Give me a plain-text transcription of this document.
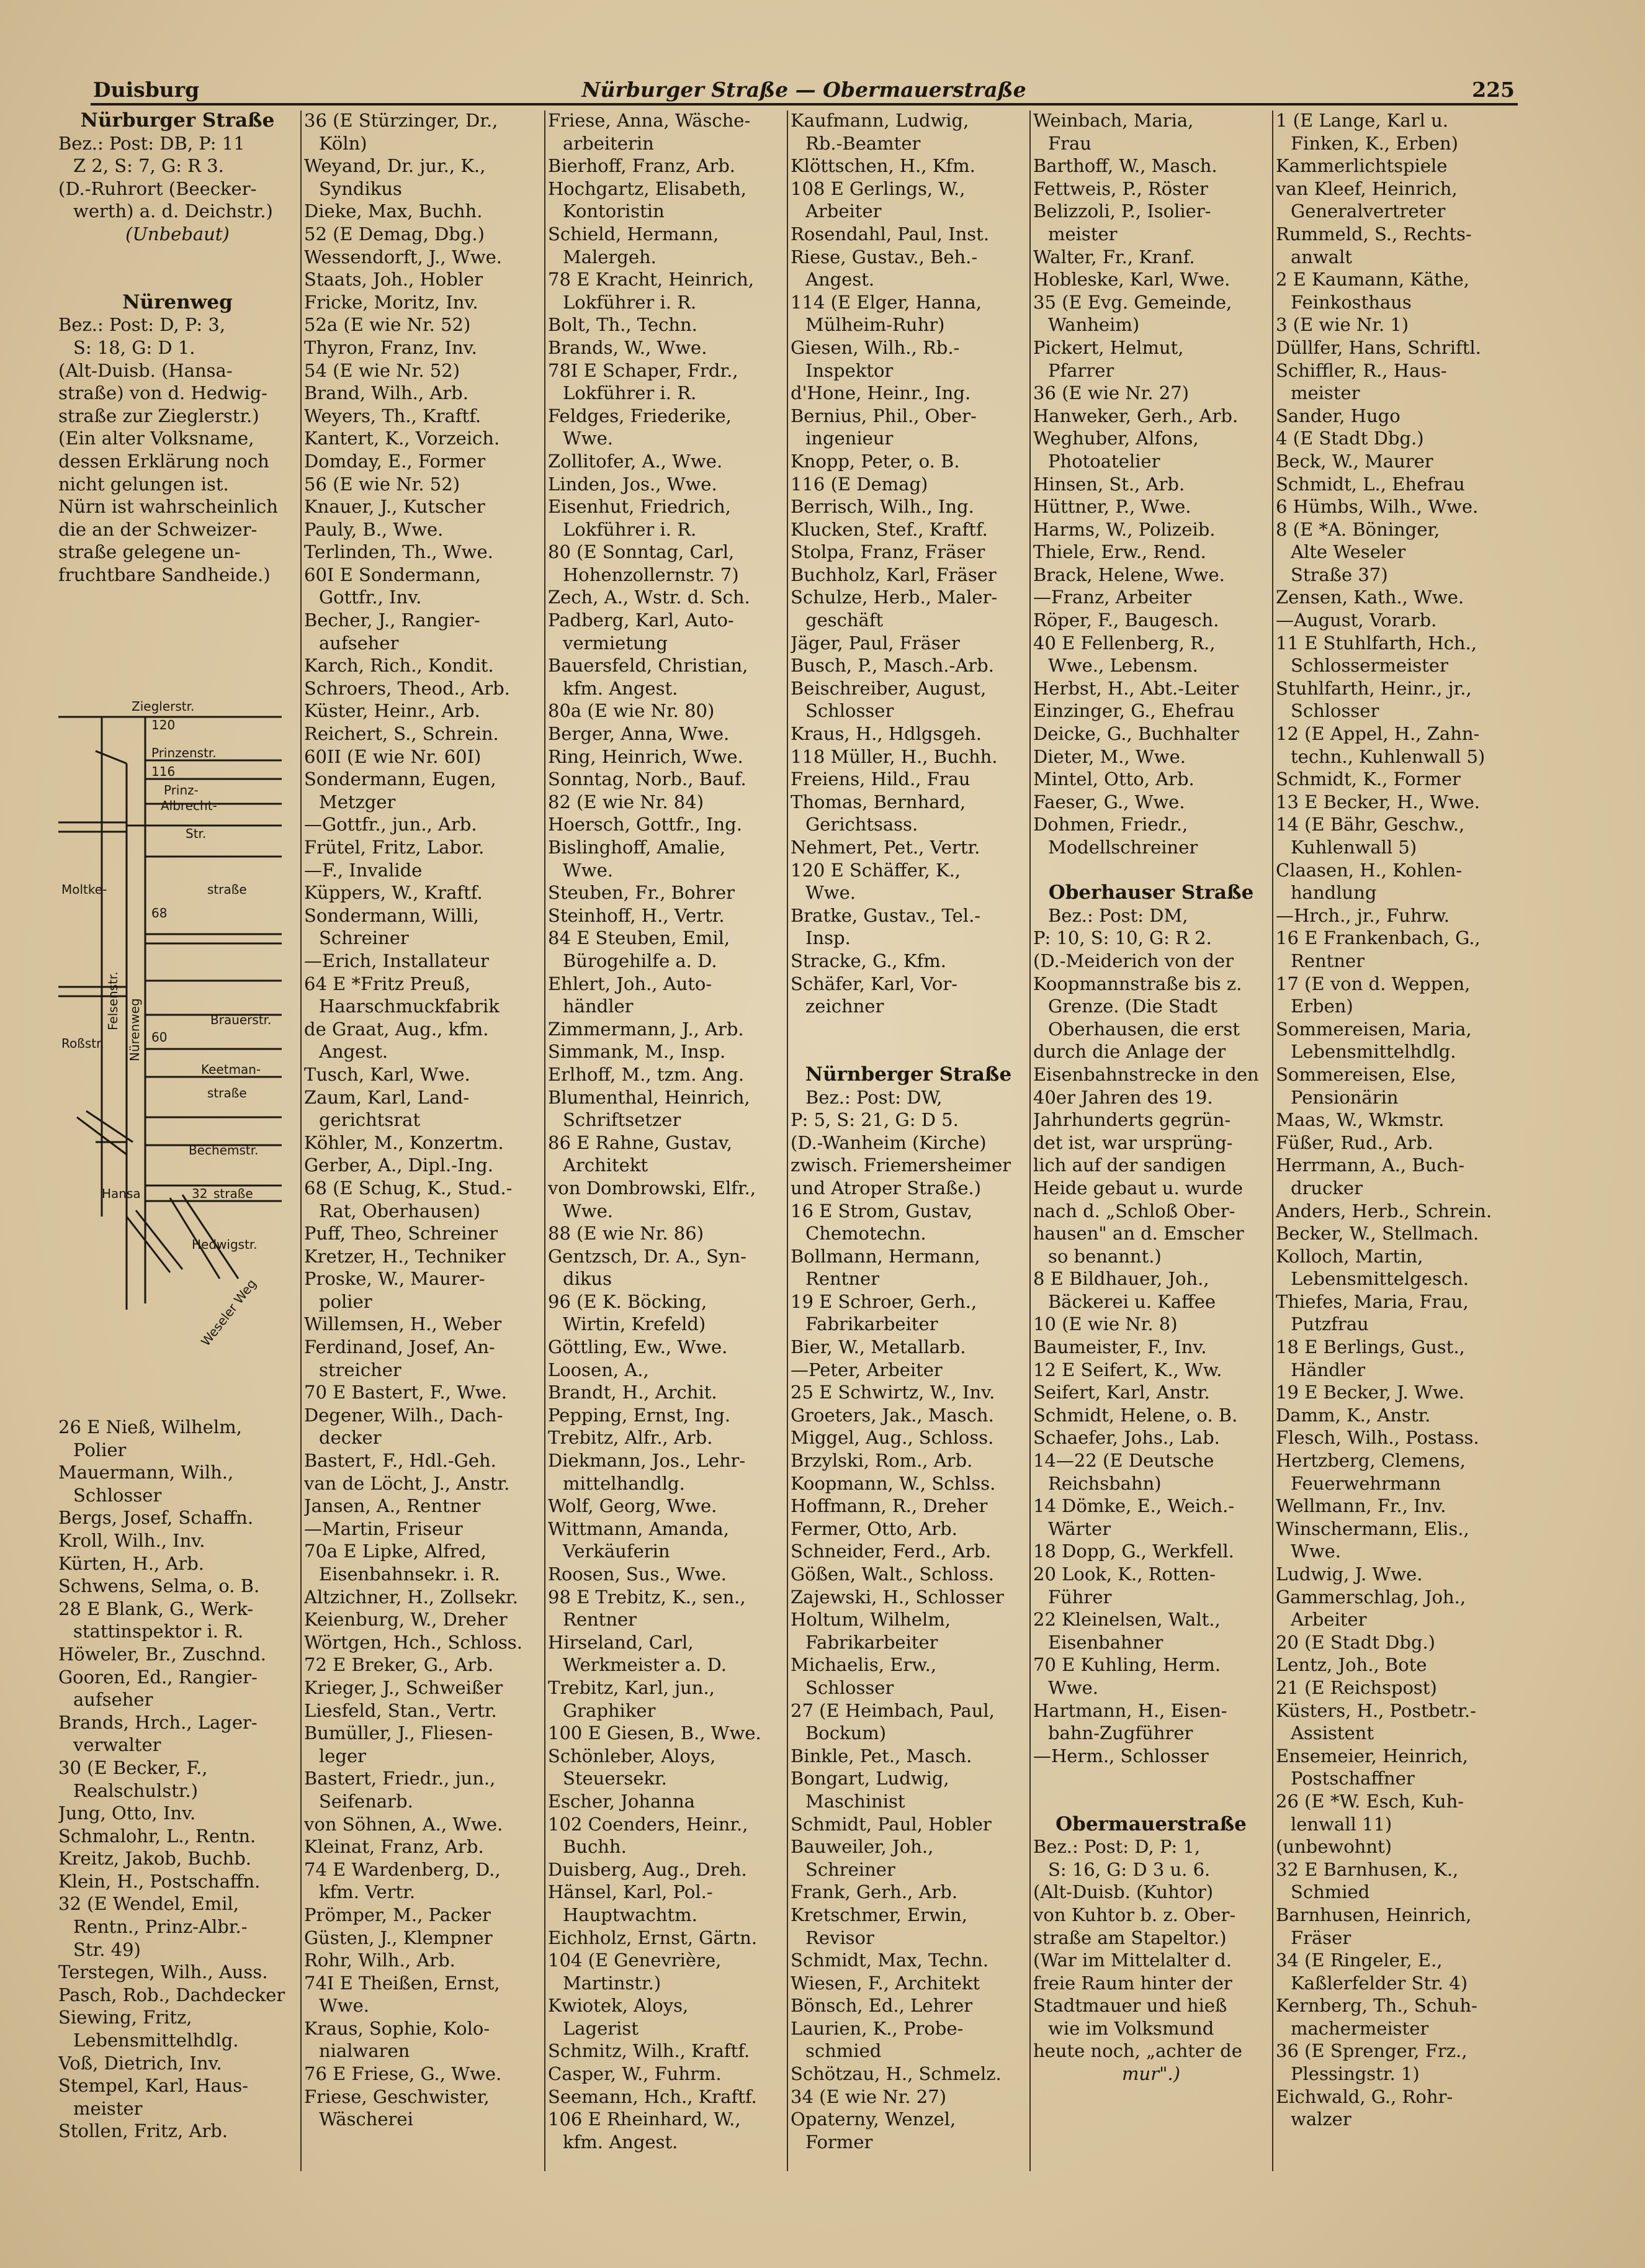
Duisburg	Nürburger Straße — Obermauerstraße	225
Nürburger Straße
Bez.: Post: DB, P: 11
Z 2, S: 7, G: R 3.
(D.-Ruhrort (Beecker-
werth) a. d. Deichstr.)
(Unbebaut)
Nürenweg
Bez.: Post: D, P: 3,
S: 18, G: D 1.
(Alt-Duisb. (Hansa-
straße) von d. Hedwig-
straße zur Zieglerstr.)
(Ein alter Volksname,
dessen Erklärung noch
nicht gelungen ist.
Nürn ist wahrscheinlich
die an der Schweizer-
straße gelegene un-
fruchtbare Sandheide.)
26 E Nieß, Wilhelm,
Polier
Mauermann, Wilh.,
Schlosser
Bergs, Josef, Schaffn.
Kroll, Wilh., Inv.
Kürten, H., Arb.
Schwens, Selma, o. B.
28 E Blank, G., Werk-
stattinspektor i. R.
Höweler, Br., Zuschnd.
Gooren, Ed., Rangier-
aufseher
Brands, Hrch., Lager-
verwalter
30 (E Becker, F.,
Realschulstr.)
Jung, Otto, Inv.
Schmalohr, L., Rentn.
Kreitz, Jakob, Buchb.
Klein, H., Postschaffn.
32 (E Wendel, Emil,
Rentn., Prinz-Albr.-
Str. 49)
Terstegen, Wilh., Auss.
Pasch, Rob., Dachdecker
Siewing, Fritz,
Lebensmittelhdlg.
Voß, Dietrich, Inv.
Stempel, Karl, Haus-
meister
Stollen, Fritz, Arb.
36 (E Stürzinger, Dr.,
Köln)
Weyand, Dr. jur., K.,
Syndikus
Dieke, Max, Buchh.
52 (E Demag, Dbg.)
Wessendorft, J., Wwe.
Staats, Joh., Hobler
Fricke, Moritz, Inv.
52a (E wie Nr. 52)
Thyron, Franz, Inv.
54 (E wie Nr. 52)
Brand, Wilh., Arb.
Weyers, Th., Kraftf.
Kantert, K., Vorzeich.
Domday, E., Former
56 (E wie Nr. 52)
Knauer, J., Kutscher
Pauly, B., Wwe.
Terlinden, Th., Wwe.
60I E Sondermann,
Gottfr., Inv.
Becher, J., Rangier-
aufseher
Karch, Rich., Kondit.
Schroers, Theod., Arb.
Küster, Heinr., Arb.
Reichert, S., Schrein.
60II (E wie Nr. 60I)
Sondermann, Eugen,
Metzger
—Gottfr., jun., Arb.
Frütel, Fritz, Labor.
—F., Invalide
Küppers, W., Kraftf.
Sondermann, Willi,
Schreiner
—Erich, Installateur
64 E *Fritz Preuß,
Haarschmuckfabrik
de Graat, Aug., kfm.
Angest.
Tusch, Karl, Wwe.
Zaum, Karl, Land-
gerichtsrat
Köhler, M., Konzertm.
Gerber, A., Dipl.-Ing.
68 (E Schug, K., Stud.-
Rat, Oberhausen)
Puff, Theo, Schreiner
Kretzer, H., Techniker
Proske, W., Maurer-
polier
Willemsen, H., Weber
Ferdinand, Josef, An-
streicher
70 E Bastert, F., Wwe.
Degener, Wilh., Dach-
decker
Bastert, F., Hdl.-Geh.
van de Löcht, J., Anstr.
Jansen, A., Rentner
—Martin, Friseur
70a E Lipke, Alfred,
Eisenbahnsekr. i. R.
Altzichner, H., Zollsekr.
Keienburg, W., Dreher
Wörtgen, Hch., Schloss.
72 E Breker, G., Arb.
Krieger, J., Schweißer
Liesfeld, Stan., Vertr.
Bumüller, J., Fliesen-
leger
Bastert, Friedr., jun.,
Seifenarb.
von Söhnen, A., Wwe.
Kleinat, Franz, Arb.
74 E Wardenberg, D.,
kfm. Vertr.
Prömper, M., Packer
Güsten, J., Klempner
Rohr, Wilh., Arb.
74I E Theißen, Ernst,
Wwe.
Kraus, Sophie, Kolo-
nialwaren
76 E Friese, G., Wwe.
Friese, Geschwister,
Wäscherei
Friese, Anna, Wäsche-
arbeiterin
Bierhoff, Franz, Arb.
Hochgartz, Elisabeth,
Kontoristin
Schield, Hermann,
Malergeh.
78 E Kracht, Heinrich,
Lokführer i. R.
Bolt, Th., Techn.
Brands, W., Wwe.
78I E Schaper, Frdr.,
Lokführer i. R.
Feldges, Friederike,
Wwe.
Zollitofer, A., Wwe.
Linden, Jos., Wwe.
Eisenhut, Friedrich,
Lokführer i. R.
80 (E Sonntag, Carl,
Hohenzollernstr. 7)
Zech, A., Wstr. d. Sch.
Padberg, Karl, Auto-
vermietung
Bauersfeld, Christian,
kfm. Angest.
80a (E wie Nr. 80)
Berger, Anna, Wwe.
Ring, Heinrich, Wwe.
Sonntag, Norb., Bauf.
82 (E wie Nr. 84)
Hoersch, Gottfr., Ing.
Bislinghoff, Amalie,
Wwe.
Steuben, Fr., Bohrer
Steinhoff, H., Vertr.
84 E Steuben, Emil,
Bürogehilfe a. D.
Ehlert, Joh., Auto-
händler
Zimmermann, J., Arb.
Simmank, M., Insp.
Erlhoff, M., tzm. Ang.
Blumenthal, Heinrich,
Schriftsetzer
86 E Rahne, Gustav,
Architekt
von Dombrowski, Elfr.,
Wwe.
88 (E wie Nr. 86)
Gentzsch, Dr. A., Syn-
dikus
96 (E K. Böcking,
Wirtin, Krefeld)
Göttling, Ew., Wwe.
Loosen, A.,
Brandt, H., Archit.
Pepping, Ernst, Ing.
Trebitz, Alfr., Arb.
Diekmann, Jos., Lehr-
mittelhandlg.
Wolf, Georg, Wwe.
Wittmann, Amanda,
Verkäuferin
Roosen, Sus., Wwe.
98 E Trebitz, K., sen.,
Rentner
Hirseland, Carl,
Werkmeister a. D.
Trebitz, Karl, jun.,
Graphiker
100 E Giesen, B., Wwe.
Schönleber, Aloys,
Steuersekr.
Escher, Johanna
102 Coenders, Heinr.,
Buchh.
Duisberg, Aug., Dreh.
Hänsel, Karl, Pol.-
Hauptwachtm.
Eichholz, Ernst, Gärtn.
104 (E Genevrière,
Martinstr.)
Kwiotek, Aloys,
Lagerist
Schmitz, Wilh., Kraftf.
Casper, W., Fuhrm.
Seemann, Hch., Kraftf.
106 E Rheinhard, W.,
kfm. Angest.
Kaufmann, Ludwig,
Rb.-Beamter
Klöttschen, H., Kfm.
108 E Gerlings, W.,
Arbeiter
Rosendahl, Paul, Inst.
Riese, Gustav., Beh.-
Angest.
114 (E Elger, Hanna,
Mülheim-Ruhr)
Giesen, Wilh., Rb.-
Inspektor
d'Hone, Heinr., Ing.
Bernius, Phil., Ober-
ingenieur
Knopp, Peter, o. B.
116 (E Demag)
Berrisch, Wilh., Ing.
Klucken, Stef., Kraftf.
Stolpa, Franz, Fräser
Buchholz, Karl, Fräser
Schulze, Herb., Maler-
geschäft
Jäger, Paul, Fräser
Busch, P., Masch.-Arb.
Beischreiber, August,
Schlosser
Kraus, H., Hdlgsgeh.
118 Müller, H., Buchh.
Freiens, Hild., Frau
Thomas, Bernhard,
Gerichtsass.
Nehmert, Pet., Vertr.
120 E Schäffer, K.,
Wwe.
Bratke, Gustav., Tel.-
Insp.
Stracke, G., Kfm.
Schäfer, Karl, Vor-
zeichner
Nürnberger Straße
Bez.: Post: DW,
P: 5, S: 21, G: D 5.
(D.-Wanheim (Kirche)
zwisch. Friemersheimer
und Atroper Straße.)
16 E Strom, Gustav,
Chemotechn.
Bollmann, Hermann,
Rentner
19 E Schroer, Gerh.,
Fabrikarbeiter
Bier, W., Metallarb.
—Peter, Arbeiter
25 E Schwirtz, W., Inv.
Groeters, Jak., Masch.
Miggel, Aug., Schloss.
Brzylski, Rom., Arb.
Koopmann, W., Schlss.
Hoffmann, R., Dreher
Fermer, Otto, Arb.
Schneider, Ferd., Arb.
Gößen, Walt., Schloss.
Zajewski, H., Schlosser
Holtum, Wilhelm,
Fabrikarbeiter
Michaelis, Erw.,
Schlosser
27 (E Heimbach, Paul,
Bockum)
Binkle, Pet., Masch.
Bongart, Ludwig,
Maschinist
Schmidt, Paul, Hobler
Bauweiler, Joh.,
Schreiner
Frank, Gerh., Arb.
Kretschmer, Erwin,
Revisor
Schmidt, Max, Techn.
Wiesen, F., Architekt
Bönsch, Ed., Lehrer
Laurien, K., Probe-
schmied
Schötzau, H., Schmelz.
34 (E wie Nr. 27)
Opaterny, Wenzel,
Former
Weinbach, Maria,
Frau
Barthoff, W., Masch.
Fettweis, P., Röster
Belizzoli, P., Isolier-
meister
Walter, Fr., Kranf.
Hobleske, Karl, Wwe.
35 (E Evg. Gemeinde,
Wanheim)
Pickert, Helmut,
Pfarrer
36 (E wie Nr. 27)
Hanweker, Gerh., Arb.
Weghuber, Alfons,
Photoatelier
Hinsen, St., Arb.
Hüttner, P., Wwe.
Harms, W., Polizeib.
Thiele, Erw., Rend.
Brack, Helene, Wwe.
—Franz, Arbeiter
Röper, F., Baugesch.
40 E Fellenberg, R.,
Wwe., Lebensm.
Herbst, H., Abt.-Leiter
Einzinger, G., Ehefrau
Deicke, G., Buchhalter
Dieter, M., Wwe.
Mintel, Otto, Arb.
Faeser, G., Wwe.
Dohmen, Friedr.,
Modellschreiner
Oberhauser Straße
Bez.: Post: DM,
P: 10, S: 10, G: R 2.
(D.-Meiderich von der
Koopmannstraße bis z.
Grenze. (Die Stadt
Oberhausen, die erst
durch die Anlage der
Eisenbahnstrecke in den
40er Jahren des 19.
Jahrhunderts gegrün-
det ist, war ursprüng-
lich auf der sandigen
Heide gebaut u. wurde
nach d. „Schloß Ober-
hausen" an d. Emscher
so benannt.)
8 E Bildhauer, Joh.,
Bäckerei u. Kaffee
10 (E wie Nr. 8)
Baumeister, F., Inv.
12 E Seifert, K., Ww.
Seifert, Karl, Anstr.
Schmidt, Helene, o. B.
Schaefer, Johs., Lab.
14—22 (E Deutsche
Reichsbahn)
14 Dömke, E., Weich.-
Wärter
18 Dopp, G., Werkfell.
20 Look, K., Rotten-
Führer
22 Kleinelsen, Walt.,
Eisenbahner
70 E Kuhling, Herm.
Wwe.
Hartmann, H., Eisen-
bahn-Zugführer
—Herm., Schlosser
Obermauerstraße
Bez.: Post: D, P: 1,
S: 16, G: D 3 u. 6.
(Alt-Duisb. (Kuhtor)
von Kuhtor b. z. Ober-
straße am Stapeltor.)
(War im Mittelalter d.
freie Raum hinter der
Stadtmauer und hieß
wie im Volksmund
heute noch, „achter de
mur".)
1 (E Lange, Karl u.
Finken, K., Erben)
Kammerlichtspiele
van Kleef, Heinrich,
Generalvertreter
Rummeld, S., Rechts-
anwalt
2 E Kaumann, Käthe,
Feinkosthaus
3 (E wie Nr. 1)
Düllfer, Hans, Schriftl.
Schiffler, R., Haus-
meister
Sander, Hugo
4 (E Stadt Dbg.)
Beck, W., Maurer
Schmidt, L., Ehefrau
6 Hümbs, Wilh., Wwe.
8 (E *A. Böninger,
Alte Weseler
Straße 37)
Zensen, Kath., Wwe.
—August, Vorarb.
11 E Stuhlfarth, Hch.,
Schlossermeister
Stuhlfarth, Heinr., jr.,
Schlosser
12 (E Appel, H., Zahn-
techn., Kuhlenwall 5)
Schmidt, K., Former
13 E Becker, H., Wwe.
14 (E Bähr, Geschw.,
Kuhlenwall 5)
Claasen, H., Kohlen-
handlung
—Hrch., jr., Fuhrw.
16 E Frankenbach, G.,
Rentner
17 (E von d. Weppen,
Erben)
Sommereisen, Maria,
Lebensmittelhdlg.
Sommereisen, Else,
Pensionärin
Maas, W., Wkmstr.
Füßer, Rud., Arb.
Herrmann, A., Buch-
drucker
Anders, Herb., Schrein.
Becker, W., Stellmach.
Kolloch, Martin,
Lebensmittelgesch.
Thiefes, Maria, Frau,
Putzfrau
18 E Berlings, Gust.,
Händler
19 E Becker, J. Wwe.
Damm, K., Anstr.
Flesch, Wilh., Postass.
Hertzberg, Clemens,
Feuerwehrmann
Wellmann, Fr., Inv.
Winschermann, Elis.,
Wwe.
Ludwig, J. Wwe.
Gammerschlag, Joh.,
Arbeiter
20 (E Stadt Dbg.)
Lentz, Joh., Bote
21 (E Reichspost)
Küsters, H., Postbetr.-
Assistent
Ensemeier, Heinrich,
Postschaffner
26 (E *W. Esch, Kuh-
lenwall 11)
(unbewohnt)
32 E Barnhusen, K.,
Schmied
Barnhusen, Heinrich,
Fräser
34 (E Ringeler, E.,
Kaßlerfelder Str. 4)
Kernberg, Th., Schuh-
machermeister
36 (E Sprenger, Frz.,
Plessingstr. 1)
Eichwald, G., Rohr-
walzer
Zieglerstr.
120
Prinzenstr.
116
Prinz-
Albrecht-
Str.
Moltke-	straße
68
Felsenstr. Nürenweg	Brauerstr.
Roßstr.	60
Keetman-
straße
Bechemstr.
Hansa	32 straße
Hedwigstr.
Weseler Weg
